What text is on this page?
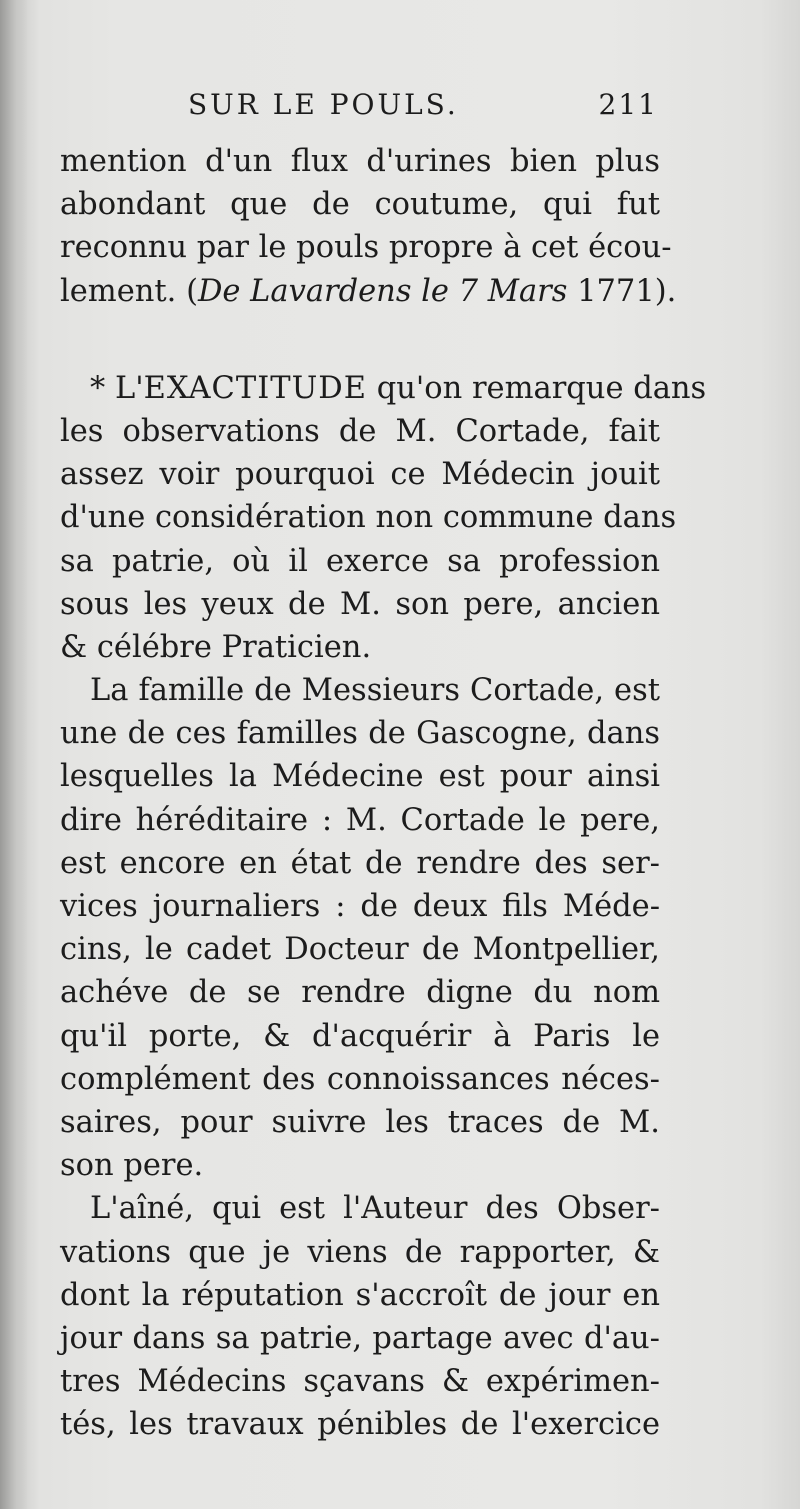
SUR LE POULS.	211
mention d'un flux d'urines bien plus
abondant que de coutume, qui fut
reconnu par le pouls propre à cet écou-
lement. (De Lavardens le 7 Mars 1771).
* L'EXACTITUDE qu'on remarque dans
les observations de M. Cortade, fait
assez voir pourquoi ce Médecin jouit
d'une considération non commune dans
sa patrie, où il exerce sa profession
sous les yeux de M. son pere, ancien
& célébre Praticien.
La famille de Messieurs Cortade, est
une de ces familles de Gascogne, dans
lesquelles la Médecine est pour ainsi
dire héréditaire : M. Cortade le pere,
est encore en état de rendre des ser-
vices journaliers : de deux fils Méde-
cins, le cadet Docteur de Montpellier,
achéve de se rendre digne du nom
qu'il porte, & d'acquérir à Paris le
complément des connoissances néces-
saires, pour suivre les traces de M.
son pere.
L'aîné, qui est l'Auteur des Obser-
vations que je viens de rapporter, &
dont la réputation s'accroît de jour en
jour dans sa patrie, partage avec d'au-
tres Médecins sçavans & expérimen-
tés, les travaux pénibles de l'exercice
